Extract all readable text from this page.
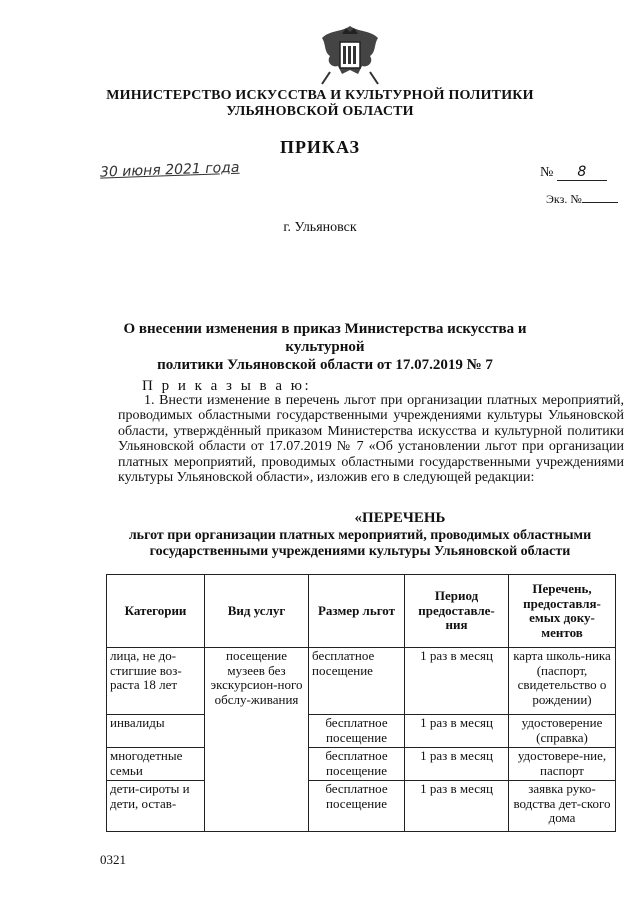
МИНИСТЕРСТВО ИСКУССТВА И КУЛЬТУРНОЙ ПОЛИТИКИ
УЛЬЯНОВСКОЙ ОБЛАСТИ
ПРИКАЗ
30 июня 2021 года	№ 8
Экз. №
г. Ульяновск
О внесении изменения в приказ Министерства искусства и культурной
политики Ульяновской области от 17.07.2019 № 7
П р и к а з ы в а ю:
1. Внести изменение в перечень льгот при организации платных мероприятий, проводимых областными государственными учреждениями культуры Ульяновской области, утверждённый приказом Министерства искусства и культурной политики Ульяновской области от 17.07.2019 № 7 «Об установлении льгот при организации платных мероприятий, проводимых областными государственными учреждениями культуры Ульяновской области», изложив его в следующей редакции:
«ПЕРЕЧЕНЬ
льгот при организации платных мероприятий, проводимых областными
государственными учреждениями культуры Ульяновской области
Категории	Вид услуг	Размер льгот	Период предоставле-ния	Перечень, предоставля-емых доку-ментов
лица, не до-стигшие воз-раста 18 лет	посещение музеев без экскурсион-ного обслу-живания	бесплатное посещение	1 раз в месяц	карта школь-ника (паспорт, свидетельство о рождении)
инвалиды		бесплатное посещение	1 раз в месяц	удостоверение (справка)
многодетные семьи		бесплатное посещение	1 раз в месяц	удостовере-ние, паспорт
дети-сироты и дети, остав-		бесплатное посещение	1 раз в месяц	заявка руко-водства дет-ского дома
0321
